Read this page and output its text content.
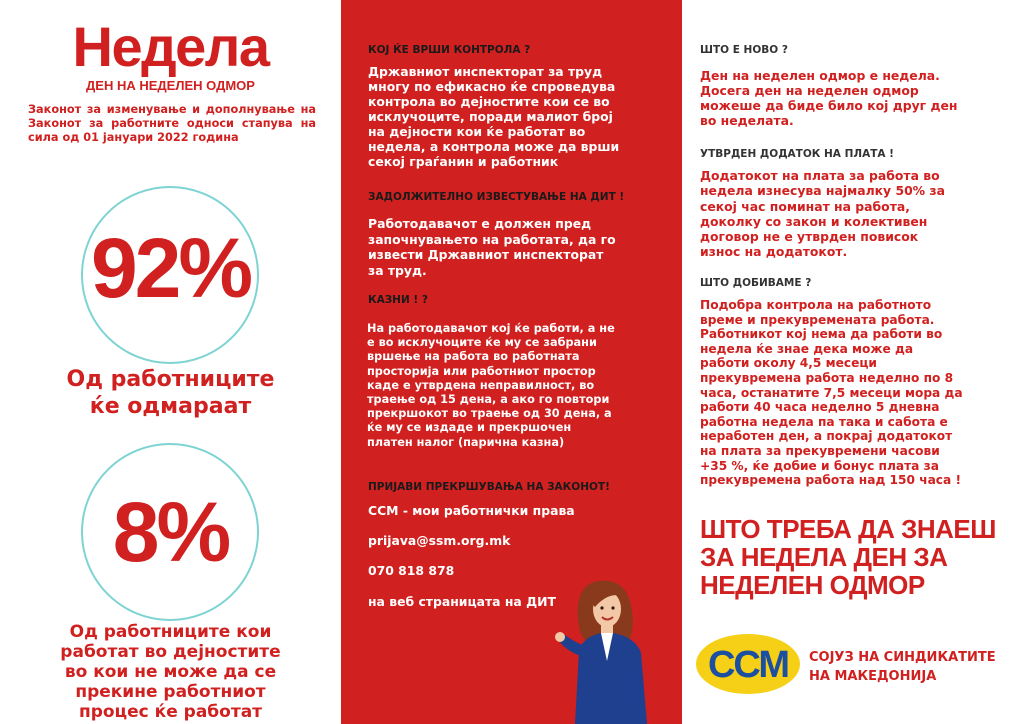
Недела
ДЕН НА НЕДЕЛЕН ОДМОР
Законот за изменување и дополнување на Законот за работните односи стапува на сила од 01 јануари 2022 година
92%
Од работниците
ќе одмараат
8%
Од работниците кои
работат во дејностите
во кои не може да се
прекине работниот
процес ќе работат
КОЈ ЌЕ ВРШИ КОНТРОЛА ?
Државниот инспекторат за труд
многу по ефикасно ќе спроведува
контрола во дејностите кои се во
исклучоците, поради малиот број
на дејности кои ќе работат во
недела, а контрола може да врши
секој граѓанин и работник
ЗАДОЛЖИТЕЛНО ИЗВЕСТУВАЊЕ НА ДИТ !
Работодавачот е должен пред
започнувањето на работата, да го
извести Државниот инспекторат
за труд.
КАЗНИ ! ?
На работодавачот кој ќе работи, а не
е во исклучоците ќе му се забрани
вршење на работа во работната
просторија или работниот простор
каде е утврдена неправилност, во
траење од 15 дена, а ако го повтори
прекршокот во траење од 30 дена, а
ќе му се издаде и прекршочен
платен налог (парична казна)
ПРИЈАВИ ПРЕКРШУВАЊА НА ЗАКОНОТ!
ССМ - мои работнички права
prijava@ssm.org.mk
070 818 878
на веб страницата на ДИТ
ШТО Е НОВО ?
Ден на неделен одмор е недела.
Досега ден на неделен одмор
можеше да биде било кој друг ден
во неделата.
УТВРДЕН ДОДАТОК НА ПЛАТА !
Додатокот на плата за работа во
недела изнесува најмалку 50% за
секој час поминат на работа,
доколку со закон и колективен
договор не е утврден повисок
износ на додатокот.
ШТО ДОБИВАМЕ ?
Подобра контрола на работното
време и прекувремената работа.
Работникот кој нема да работи во
недела ќе знае дека може да
работи околу 4,5 месеци
прекувремена работа неделно по 8
часа, останатите 7,5 месеци мора да
работи 40 часа неделно 5 дневна
работна недела па така и сабота е
неработен ден, а покрај додатокот
на плата за прекувремени часови
+35 %, ќе добие и бонус плата за
прекувремена работа над 150 часа !
ШТО ТРЕБА ДА ЗНАЕШ
ЗА НЕДЕЛА ДЕН ЗА
НЕДЕЛЕН ОДМОР
ССМ СОЈУЗ НА СИНДИКАТИТЕ
НА МАКЕДОНИЈА
